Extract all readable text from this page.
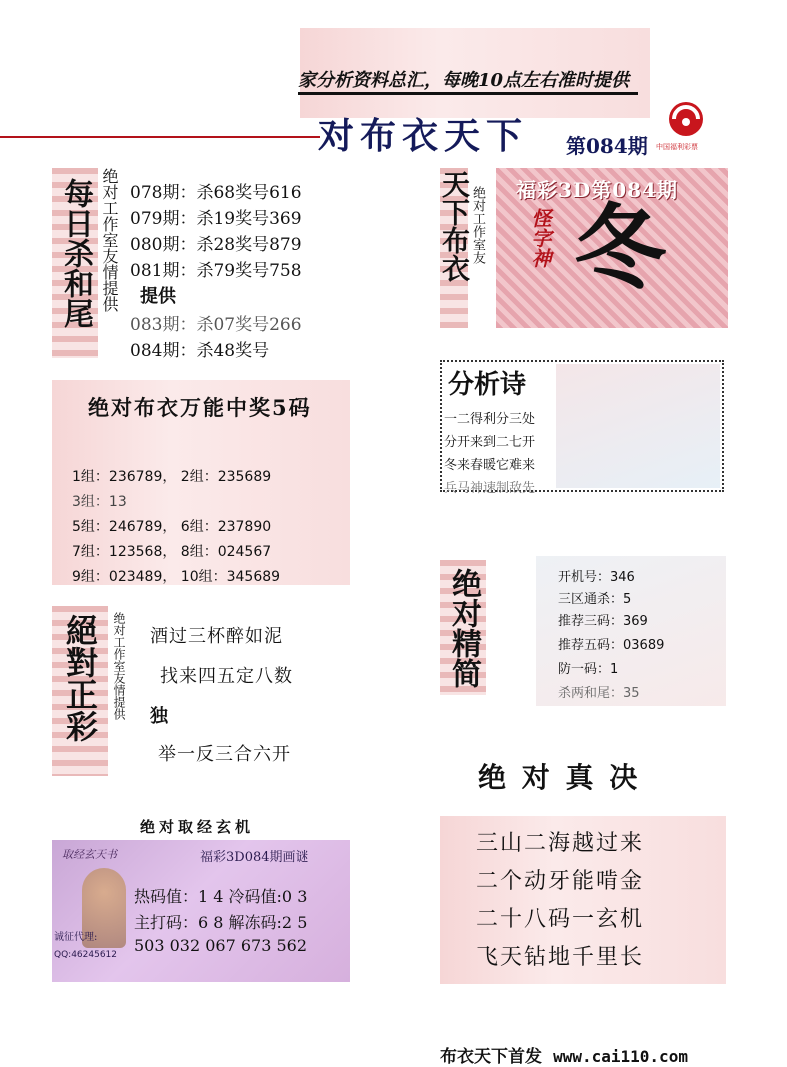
家分析资料总汇，每晚10点左右准时提供
对布衣天下 第084期 中国福利彩票
每日杀和尾 绝对工作室友情提供 078期：杀68奖号616
079期：杀19奖号369
080期：杀28奖号879
081期：杀79奖号758
提供
083期：杀07奖号266
084期：杀48奖号
绝对布衣万能中奖5码
1组：236789， 2组：235689
3组：13
5组：246789， 6组：237890
7组：123568， 8组：024567
9组：023489， 10组：345689
絕對正彩 绝对工作室友情提供 酒过三杯醉如泥
找来四五定八数
独
举一反三合六开
绝对取经玄机
取经玄天书	福彩3D084期画谜
诚征代理:
QQ:46245612
热码值：1 4 冷码值:0 3
主打码：6 8 解冻码:2 5
503 032 067 673 562
天下布衣 绝对工作室友 福彩3D第084期
怪字神 冬
分析诗
一二得利分三处
分开来到二七开
冬来春暖它难来
兵马神速制敌先
绝对精简	开机号：346
三区通杀：5
推荐三码：369
推荐五码：03689
防一码：1
杀两和尾：35
绝 对 真 决
三山二海越过来
二个动牙能啃金
二十八码一玄机
飞天钻地千里长
布衣天下首发 www.cai110.com
